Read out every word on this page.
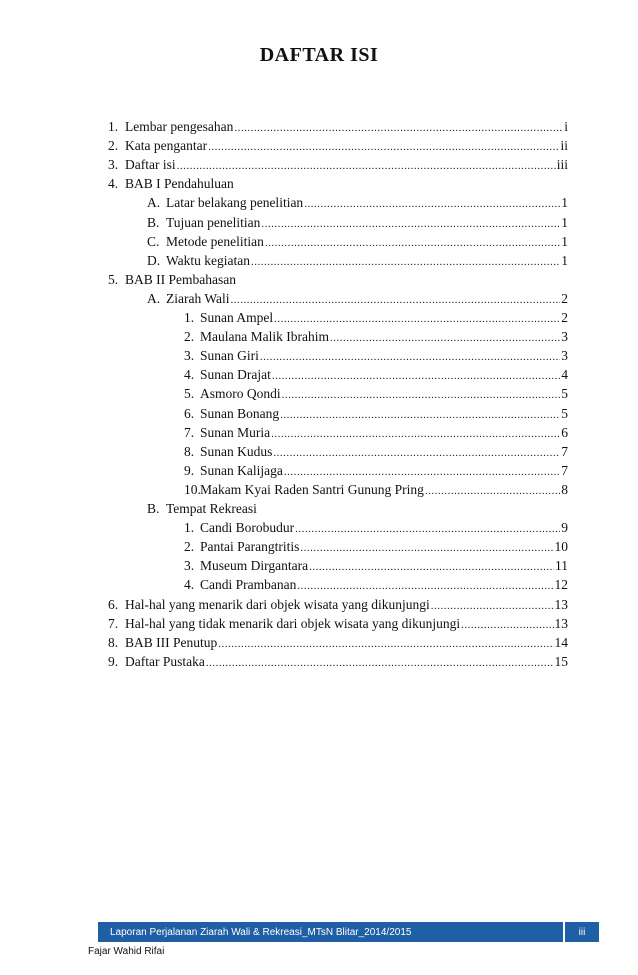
DAFTAR ISI
1. Lembar pengesahan .....	i
2. Kata pengantar .....	ii
3. Daftar isi .....	iii
4. BAB I Pendahuluan
A. Latar belakang penelitian .....	1
B. Tujuan penelitian .....	1
C. Metode penelitian .....	1
D. Waktu kegiatan .....	1
5. BAB II Pembahasan
A. Ziarah Wali .....	2
1. Sunan Ampel .....	2
2. Maulana Malik Ibrahim .....	3
3. Sunan Giri .....	3
4. Sunan Drajat .....	4
5. Asmoro Qondi .....	5
6. Sunan Bonang .....	5
7. Sunan Muria .....	6
8. Sunan Kudus .....	7
9. Sunan Kalijaga .....	7
10. Makam Kyai Raden Santri Gunung Pring .....	8
B. Tempat Rekreasi
1. Candi Borobudur .....	9
2. Pantai Parangtritis .....	10
3. Museum Dirgantara .....	11
4. Candi Prambanan .....	12
6. Hal-hal yang menarik dari objek wisata yang dikunjungi .....	13
7. Hal-hal yang tidak menarik dari objek wisata yang dikunjungi .....	13
8. BAB III Penutup .....	14
9. Daftar Pustaka .....	15
Laporan Perjalanan Ziarah Wali & Rekreasi_MTsN Blitar_2014/2015	iii
Fajar Wahid Rifai
